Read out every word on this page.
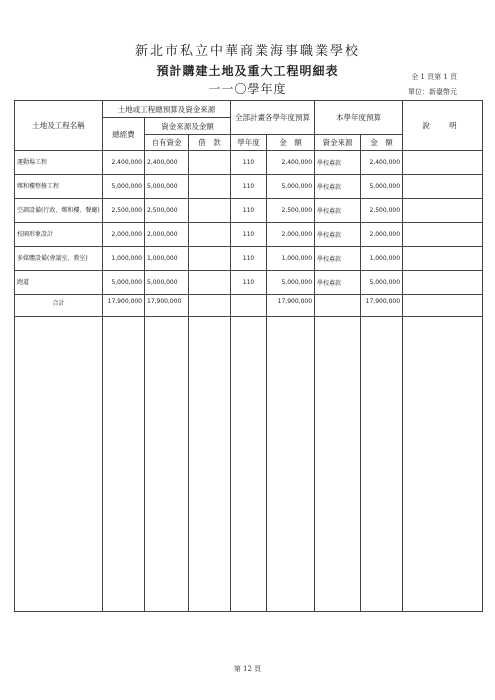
新北市私立中華商業海事職業學校
預計購建土地及重大工程明細表
一一〇學年度
全 1 頁第 1 頁
單位：新臺幣元
土地及工程名稱	土地或工程總預算及資金來源			全部計畫各學年度預算		本學年度預算		說　明
	總經費	資金來源及金額						
		自有資金	借　款	學年度	金　額	資金來源	金　額	
運動場工程	2,400,000	2,400,000		110	2,400,000	學校募款	2,400,000	
鄭和樓整修工程	5,000,000	5,000,000		110	5,000,000	學校募款	5,000,000	
空調設備(行政、鄭和樓、餐廳)	2,500,000	2,500,000		110	2,500,000	學校募款	2,500,000	
校園形象設計	2,000,000	2,000,000		110	2,000,000	學校募款	2,000,000	
多媒體設備(會議室、教室)	1,000,000	1,000,000		110	1,000,000	學校募款	1,000,000	
跑道	5,000,000	5,000,000		110	5,000,000	學校募款	5,000,000	
合計	17,900,000	17,900,000			17,900,000		17,900,000	

第 12 頁
